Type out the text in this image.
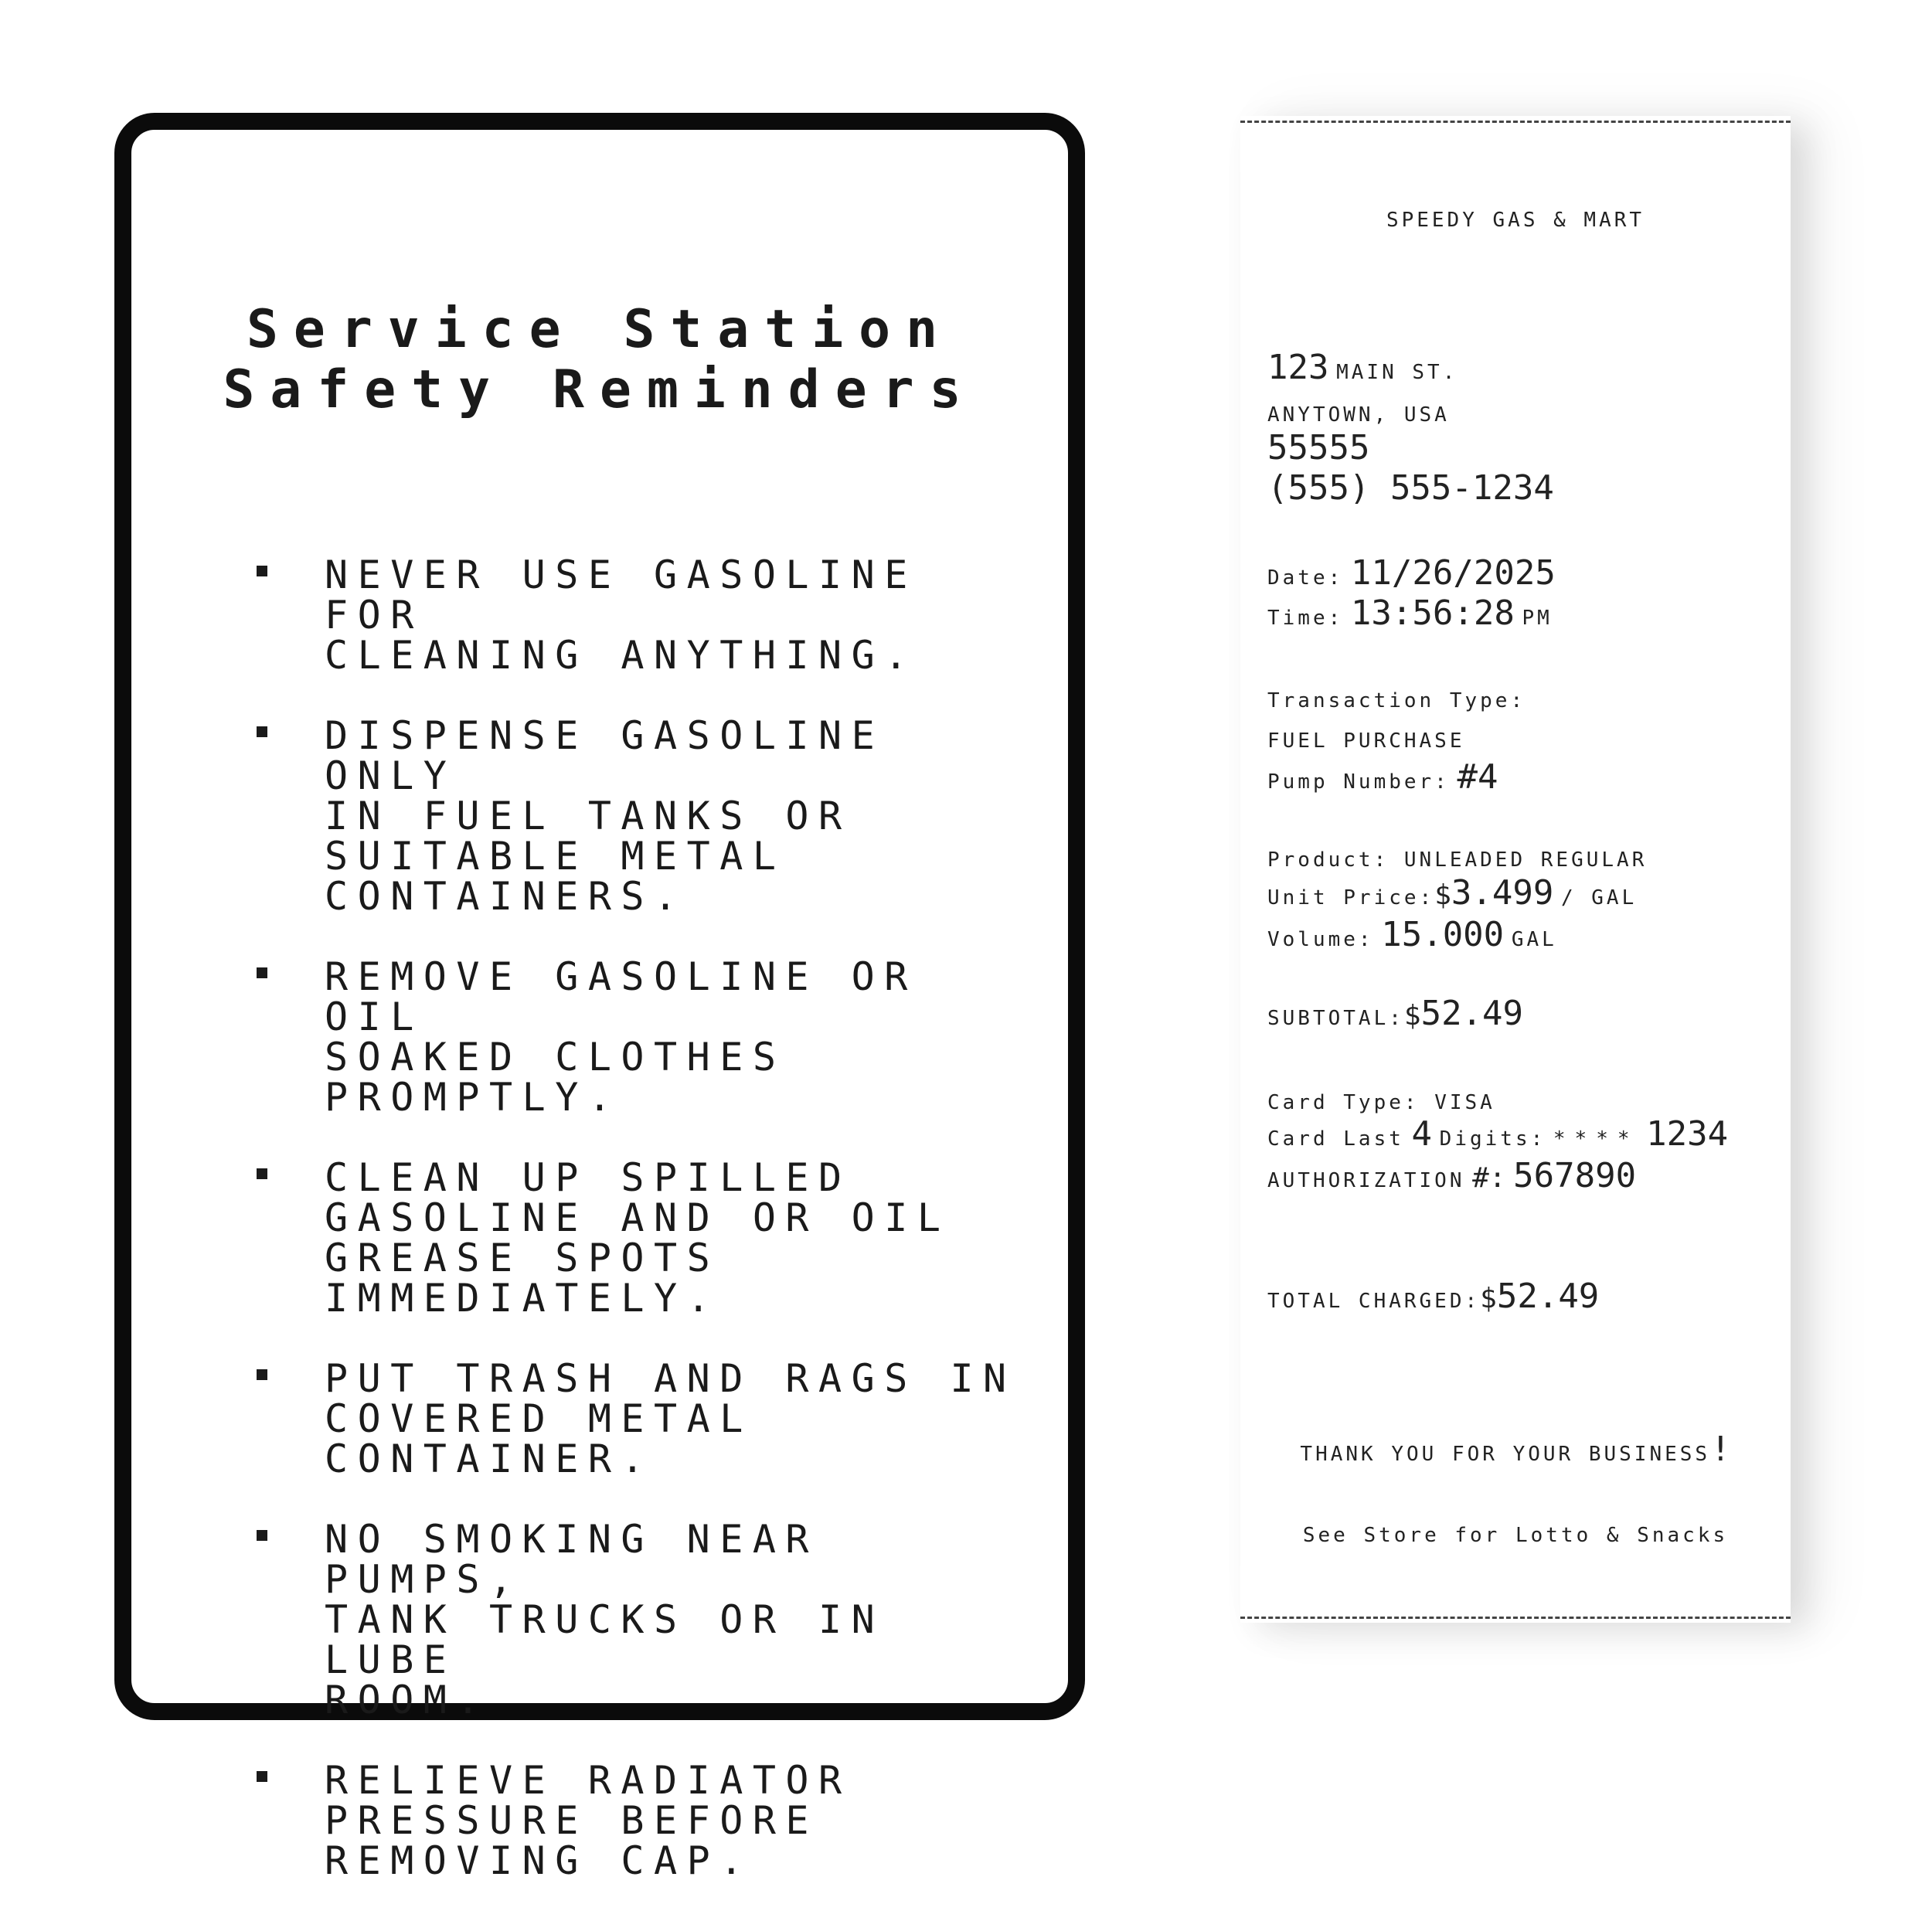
Service Station
Safety Reminders
NEVER USE GASOLINE FOR
CLEANING ANYTHING.
DISPENSE GASOLINE ONLY
IN FUEL TANKS OR
SUITABLE METAL
CONTAINERS.
REMOVE GASOLINE OR OIL
SOAKED CLOTHES PROMPTLY.
CLEAN UP SPILLED
GASOLINE AND OR OIL
GREASE SPOTS
IMMEDIATELY.
PUT TRASH AND RAGS IN
COVERED METAL CONTAINER.
NO SMOKING NEAR PUMPS,
TANK TRUCKS OR IN LUBE
ROOM.
RELIEVE RADIATOR
PRESSURE BEFORE
REMOVING CAP.
SPEEDY GAS & MART
123 MAIN ST.
ANYTOWN, USA
55555
(555) 555-1234
Date: 11/26/2025
Time: 13:56:28 PM
Transaction Type:
FUEL PURCHASE
Pump Number: #4
Product: UNLEADED REGULAR
Unit Price:$3.499 / GAL
Volume: 15.000 GAL
SUBTOTAL:$52.49
Card Type: VISA
Card Last 4 Digits: **** 1234
AUTHORIZATION #: 567890
TOTAL CHARGED:$52.49
THANK YOU FOR YOUR BUSINESS!
See Store for Lotto & Snacks
